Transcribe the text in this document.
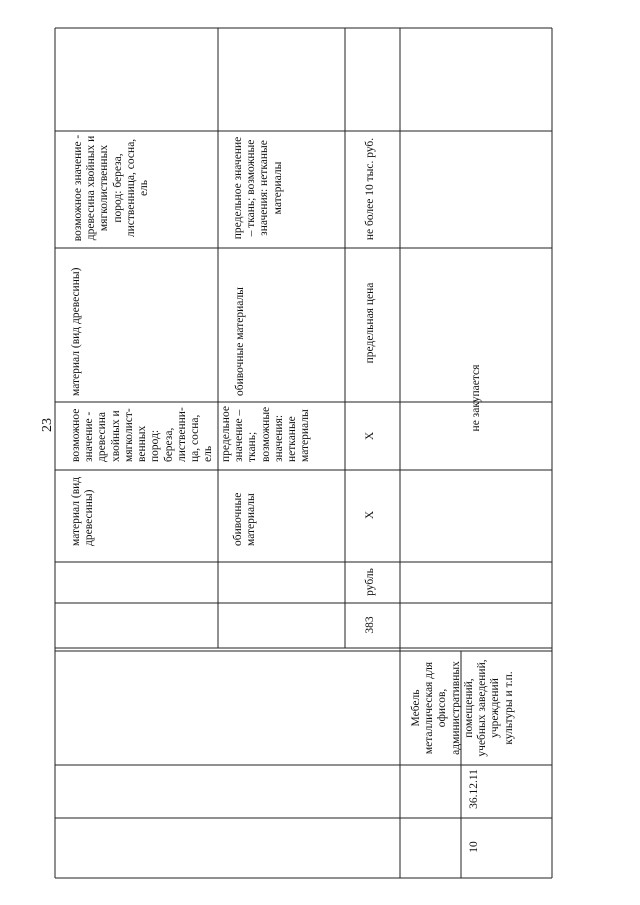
23
материал (вид древесины)
возможное значение - древесина хвойных и мягколист-венных пород: береза, лиственни-ца, сосна, ель
материал (вид древесины)
возможное значение - древесина хвойных и мягколиственных пород: береза, лиственница, сосна, ель
обивочные материалы
предельное значение – ткань; возможные значения: нетканые материалы
обивочные материалы
предельное значение – ткань; возможные значения: нетканые материалы
383
рубль
Х
Х
предельная цена
не более 10 тыс. руб.
10
36.12.11
Мебель металлическая для офисов, административных помещений, учебных заведений, учреждений культуры и т.п.
не закупается
